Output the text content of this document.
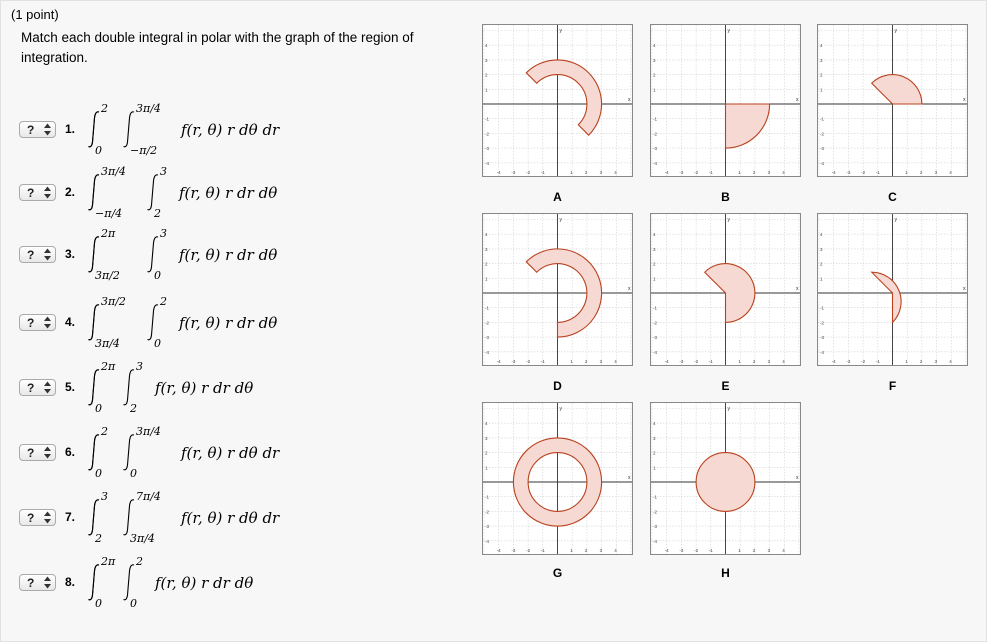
(1 point)
Match each double integral in polar with the graph of the region of integration.
?	1.
2
0
3π/4
−π/2
f(r, θ) r dθ dr
?	2.
3π/4
−π/4
3
2
f(r, θ) r dr dθ
?	3.
2π
3π/2
3
0
f(r, θ) r dr dθ
?	4.
3π/2
3π/4
2
0
f(r, θ) r dr dθ
?	5.
2π
0
3
2
f(r, θ) r dr dθ
?	6.
2
0
3π/4
0
f(r, θ) r dθ dr
?	7.
3
2
7π/4
3π/4
f(r, θ) r dθ dr
?	8.
2π
0
2
0
f(r, θ) r dr dθ
x
y
-4 -3 -2 -1	1	2	3	4
4
3
2
1
-1
-2
-3
-4
A
x
y
-4 -3 -2 -1	1	2	3	4
4
3
2
1
-1
-2
-3
-4
B
x
y
-4 -3 -2 -1	1	2	3	4
4
3
2
1
-1
-2
-3
-4
C
x
y
-4 -3 -2 -1	1	2	3	4
4
3
2
1
-1
-2
-3
-4
D
x
y
-4 -3 -2 -1	1	2	3	4
4
3
2
1
-1
-2
-3
-4
E
x
y
-4 -3 -2 -1	1	2	3	4
4
3
2
1
-1
-2
-3
-4
F
x
y
-4 -3 -2 -1	1	2	3	4
4
3
2
1
-1
-2
-3
-4
G
x
y
-4 -3 -2 -1	1	2	3	4
4
3
2
1
-1
-2
-3
-4
H
